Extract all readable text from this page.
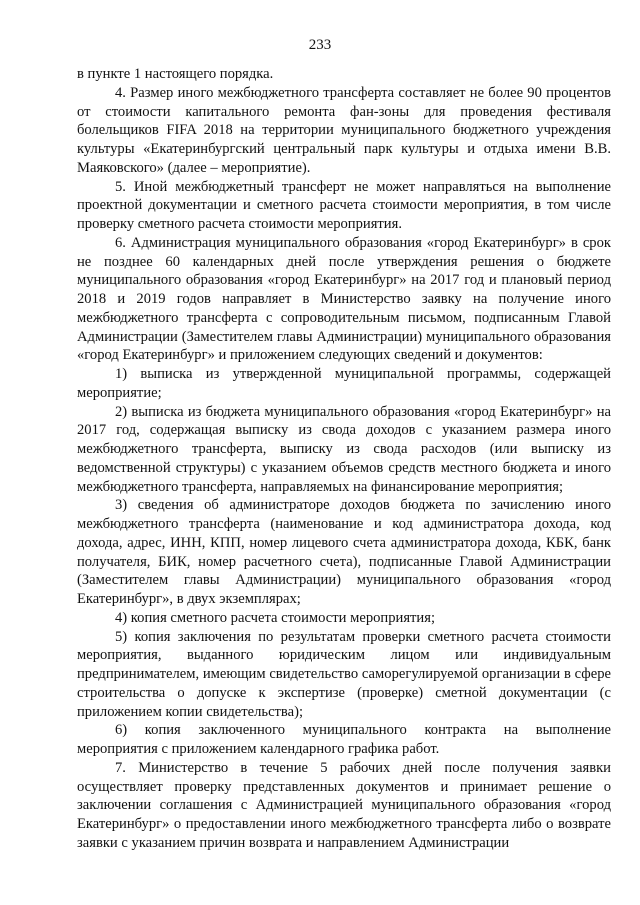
233

в пункте 1 настоящего порядка.

4. Размер иного межбюджетного трансферта составляет не более 90 процентов от стоимости капитального ремонта фан-зоны для проведения фестиваля болельщиков FIFA 2018 на территории муниципального бюджетного учреждения культуры «Екатеринбургский центральный парк культуры и отдыха имени В.В. Маяковского» (далее – мероприятие).

5. Иной межбюджетный трансферт не может направляться на выполнение проектной документации и сметного расчета стоимости мероприятия, в том числе проверку сметного расчета стоимости мероприятия.

6. Администрация муниципального образования «город Екатеринбург» в срок не позднее 60 календарных дней после утверждения решения о бюджете муниципального образования «город Екатеринбург» на 2017 год и плановый период 2018 и 2019 годов направляет в Министерство заявку на получение иного межбюджетного трансферта с сопроводительным письмом, подписанным Главой Администрации (Заместителем главы Администрации) муниципального образования «город Екатеринбург» и приложением следующих сведений и документов:

1) выписка из утвержденной муниципальной программы, содержащей мероприятие;

2) выписка из бюджета муниципального образования «город Екатеринбург» на 2017 год, содержащая выписку из свода доходов с указанием размера иного межбюджетного трансферта, выписку из свода расходов (или выписку из ведомственной структуры) с указанием объемов средств местного бюджета и иного межбюджетного трансферта, направляемых на финансирование мероприятия;

3) сведения об администраторе доходов бюджета по зачислению иного межбюджетного трансферта (наименование и код администратора дохода, код дохода, адрес, ИНН, КПП, номер лицевого счета администратора дохода, КБК, банк получателя, БИК, номер расчетного счета), подписанные Главой Администрации (Заместителем главы Администрации) муниципального образования «город Екатеринбург», в двух экземплярах;

4) копия сметного расчета стоимости мероприятия;

5) копия заключения по результатам проверки сметного расчета стоимости мероприятия, выданного юридическим лицом или индивидуальным предпринимателем, имеющим свидетельство саморегулируемой организации в сфере строительства о допуске к экспертизе (проверке) сметной документации (с приложением копии свидетельства);

6) копия заключенного муниципального контракта на выполнение мероприятия с приложением календарного графика работ.

7. Министерство в течение 5 рабочих дней после получения заявки осуществляет проверку представленных документов и принимает решение о заключении соглашения с Администрацией муниципального образования «город Екатеринбург» о предоставлении иного межбюджетного трансферта либо о возврате заявки с указанием причин возврата и направлением Администрации
